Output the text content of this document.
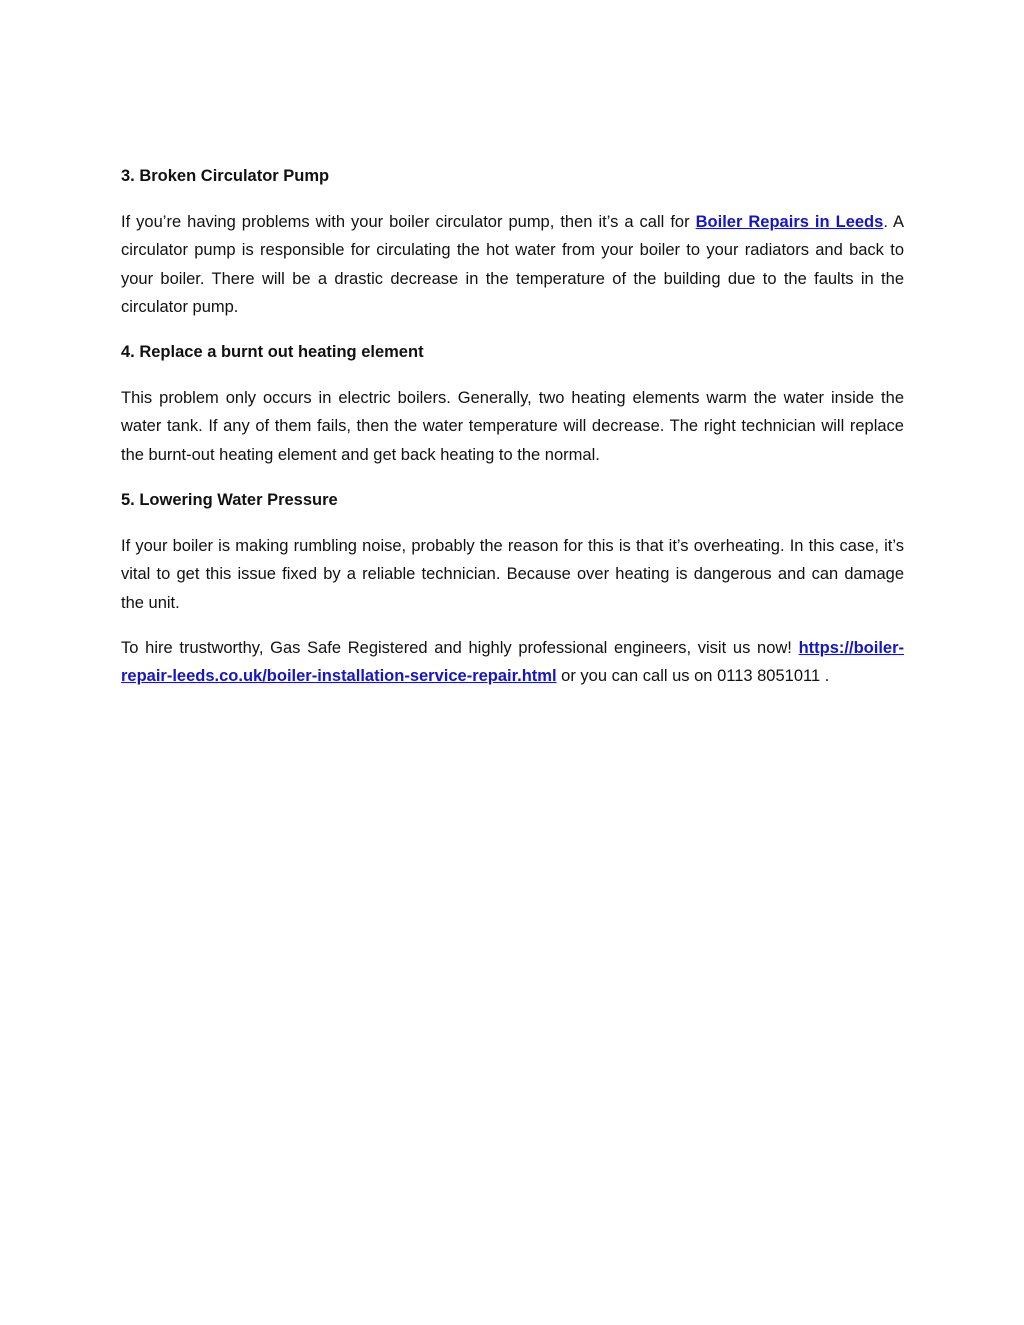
3. Broken Circulator Pump

If you’re having problems with your boiler circulator pump, then it’s a call for Boiler Repairs in Leeds. A circulator pump is responsible for circulating the hot water from your boiler to your radiators and back to your boiler. There will be a drastic decrease in the temperature of the building due to the faults in the circulator pump.

4. Replace a burnt out heating element

This problem only occurs in electric boilers. Generally, two heating elements warm the water inside the water tank. If any of them fails, then the water temperature will decrease. The right technician will replace the burnt-out heating element and get back heating to the normal.

5. Lowering Water Pressure

If your boiler is making rumbling noise, probably the reason for this is that it’s overheating. In this case, it’s vital to get this issue fixed by a reliable technician. Because over heating is dangerous and can damage the unit.

To hire trustworthy, Gas Safe Registered and highly professional engineers, visit us now! https://boiler-repair-leeds.co.uk/boiler-installation-service-repair.html or you can call us on 0113 8051011 .
